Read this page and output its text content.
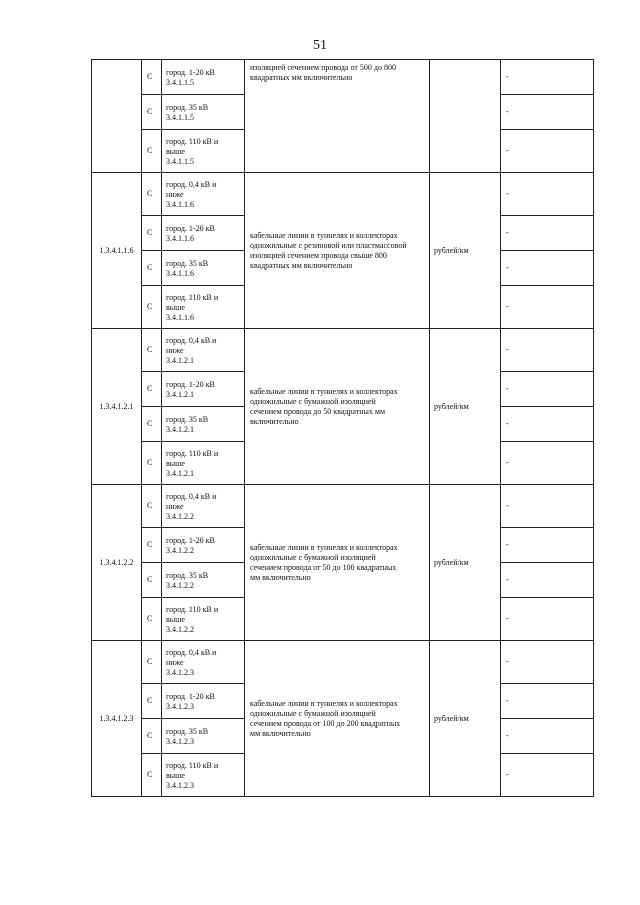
51
	С	город. 1-20 кВ
3.4.1.1.5	изоляцией сечением провода от 500 до 800
квадратных мм включительно		-
	С	город. 35 кВ
3.4.1.1.5			-
	С	город. 110 кВ и
выше
3.4.1.1.5			-
1.3.4.1.1.6	С	город. 0,4 кВ и
ниже
3.4.1.1.6	кабельные линии в туннелях и коллекторах
одножильные с резиновой или пластмассовой
изоляцией сечением провода свыше 800
квадратных мм включительно	рублей/км	-
	С	город. 1-20 кВ
3.4.1.1.6			-
	С	город. 35 кВ
3.4.1.1.6			-
	С	город. 110 кВ и
выше
3.4.1.1.6			-
1.3.4.1.2.1	С	город. 0,4 кВ и
ниже
3.4.1.2.1	кабельные линии в туннелях и коллекторах
одножильные с бумажной изоляцией
сечением провода до 50 квадратных мм
включительно	рублей/км	-
	С	город. 1-20 кВ
3.4.1.2.1			-
	С	город. 35 кВ
3.4.1.2.1			-
	С	город. 110 кВ и
выше
3.4.1.2.1			-
1.3.4.1.2.2	С	город. 0,4 кВ и
ниже
3.4.1.2.2	кабельные линии в туннелях и коллекторах
одножильные с бумажной изоляцией
сечением провода от 50 до 100 квадратных
мм включительно	рублей/км	-
	С	город. 1-20 кВ
3.4.1.2.2			-
	С	город. 35 кВ
3.4.1.2.2			-
	С	город. 110 кВ и
выше
3.4.1.2.2			-
1.3.4.1.2.3	С	город. 0,4 кВ и
ниже
3.4.1.2.3	кабельные линии в туннелях и коллекторах
одножильные с бумажной изоляцией
сечением провода от 100 до 200 квадратных
мм включительно	рублей/км	-
	С	город. 1-20 кВ
3.4.1.2.3			-
	С	город. 35 кВ
3.4.1.2.3			-
	С	город. 110 кВ и
выше
3.4.1.2.3			-
